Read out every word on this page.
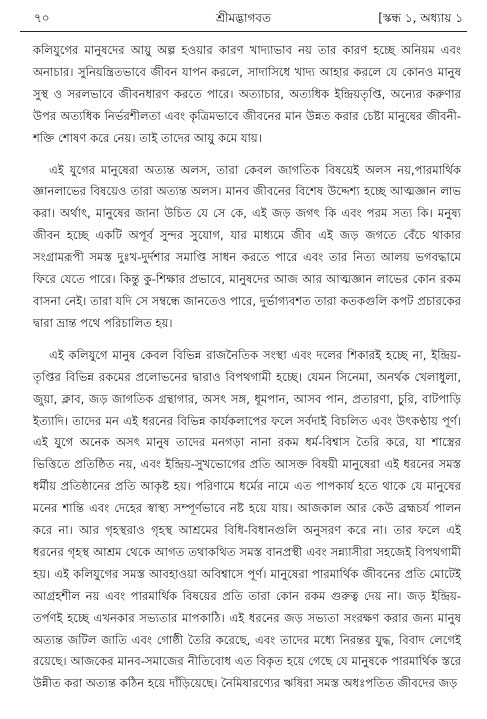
৭০	শ্রীমদ্ভাগবত	[স্কন্ধ ১, অধ্যায় ১

কলিযুগের মানুষদের আয়ু অল্প হওয়ার কারণ খাদ্যাভাব নয় তার কারণ হচ্ছে অনিয়ম এবং অনাচার। সুনিয়ন্ত্রিতভাবে জীবন যাপন করলে, সাদাসিধে খাদ্য আহার করলে যে কোনও মানুষ সুস্থ ও সরলভাবে জীবনধারণ করতে পারে। অত্যাচার, অত্যধিক ইন্দ্রিয়তৃপ্তি, অন্যের করুণার উপর অত্যধিক নির্ভরশীলতা এবং কৃত্রিমভাবে জীবনের মান উন্নত করার চেষ্টা মানুষের জীবনী-শক্তি শোষণ করে নেয়। তাই তাদের আয়ু কমে যায়।

এই যুগের মানুষেরা অত্যন্ত অলস, তারা কেবল জাগতিক বিষয়েই অলস নয়,পারমার্থিক জ্ঞানলাভের বিষয়েও তারা অত্যন্ত অলস। মানব জীবনের বিশেষ উদ্দেশ্য হচ্ছে আত্মজ্ঞান লাভ করা। অর্থাৎ, মানুষের জানা উচিত যে সে কে, এই জড় জগৎ কি এবং পরম সত্য কি। মনুষ্য জীবন হচ্ছে একটি অপূর্ব সুন্দর সুযোগ, যার মাধ্যমে জীব এই জড় জগতে বেঁচে থাকার সংগ্রামরূপী সমস্ত দুঃখ-দুর্দশার সমাপ্তি সাধন করতে পারে এবং তার নিত্য আলয় ভগবদ্ধামে ফিরে যেতে পারে। কিন্তু কু-শিক্ষার প্রভাবে, মানুষদের আজ আর আত্মজ্ঞান লাভের কোন রকম বাসনা নেই। তারা যদি সে সম্বন্ধে জানতেও পারে, দুর্ভাগ্যবশত তারা কতকগুলি কপট প্রচারকের দ্বারা ভ্রান্ত পথে পরিচালিত হয়।

এই কলিযুগে মানুষ কেবল বিভিন্ন রাজনৈতিক সংস্থা এবং দলের শিকারই হচ্ছে না, ইন্দ্রিয়-তৃপ্তির বিভিন্ন রকমের প্রলোভনের দ্বারাও বিপথগামী হচ্ছে। যেমন সিনেমা, অনর্থক খেলাধুলা, জুয়া, ক্লাব, জড় জাগতিক গ্রন্থাগার, অসৎ সঙ্গ, ধূমপান, আসব পান, প্রতারণা, চুরি, বাটপাড়ি ইত্যাদি। তাদের মন এই ধরনের বিভিন্ন কার্যকলাপের ফলে সর্বদাই বিচলিত এবং উৎকণ্ঠায় পূর্ণ। এই যুগে অনেক অসৎ মানুষ তাদের মনগড়া নানা রকম ধর্ম-বিশ্বাস তৈরি করে, যা শাস্ত্রের ভিত্তিতে প্রতিষ্ঠিত নয়, এবং ইন্দ্রিয়-সুখভোগের প্রতি আসক্ত বিষয়ী মানুষেরা এই ধরনের সমস্ত ধর্মীয় প্রতিষ্ঠানের প্রতি আকৃষ্ট হয়। পরিণামে ধর্মের নামে এত পাপকার্য হতে থাকে যে মানুষের মনের শান্তি এবং দেহের স্বাস্থ্য সম্পূর্ণভাবে নষ্ট হয়ে যায়। আজকাল আর কেউ ব্রহ্মচর্য পালন করে না। আর গৃহস্থরাও গৃহস্থ আশ্রমের বিধি-বিধানগুলি অনুসরণ করে না। তার ফলে এই ধরনের গৃহস্থ আশ্রম থেকে আগত তথাকথিত সমস্ত বানপ্রস্থী এবং সন্ন্যাসীরা সহজেই বিপথগামী হয়। এই কলিযুগের সমস্ত আবহাওয়া অবিশ্বাসে পূর্ণ। মানুষেরা পারমার্থিক জীবনের প্রতি মোটেই আগ্রহশীল নয় এবং পারমার্থিক বিষয়ের প্রতি তারা কোন রকম গুরুত্ব দেয় না। জড় ইন্দ্রিয়-তর্পণই হচ্ছে এখনকার সভ্যতার মাপকাঠি। এই ধরনের জড় সভ্যতা সংরক্ষণ করার জন্য মানুষ অত্যন্ত জটিল জাতি এবং গোষ্ঠী তৈরি করেছে, এবং তাদের মধ্যে নিরন্তর যুদ্ধ, বিবাদ লেগেই রয়েছে। আজকের মানব-সমাজের নীতিবোধ এত বিকৃত হয়ে গেছে যে মানুষকে পারমার্থিক স্তরে উন্নীত করা অত্যন্ত কঠিন হয়ে দাঁড়িয়েছে। নৈমিষারণ্যের ঋষিরা সমস্ত অধঃপতিত জীবদের জড়
